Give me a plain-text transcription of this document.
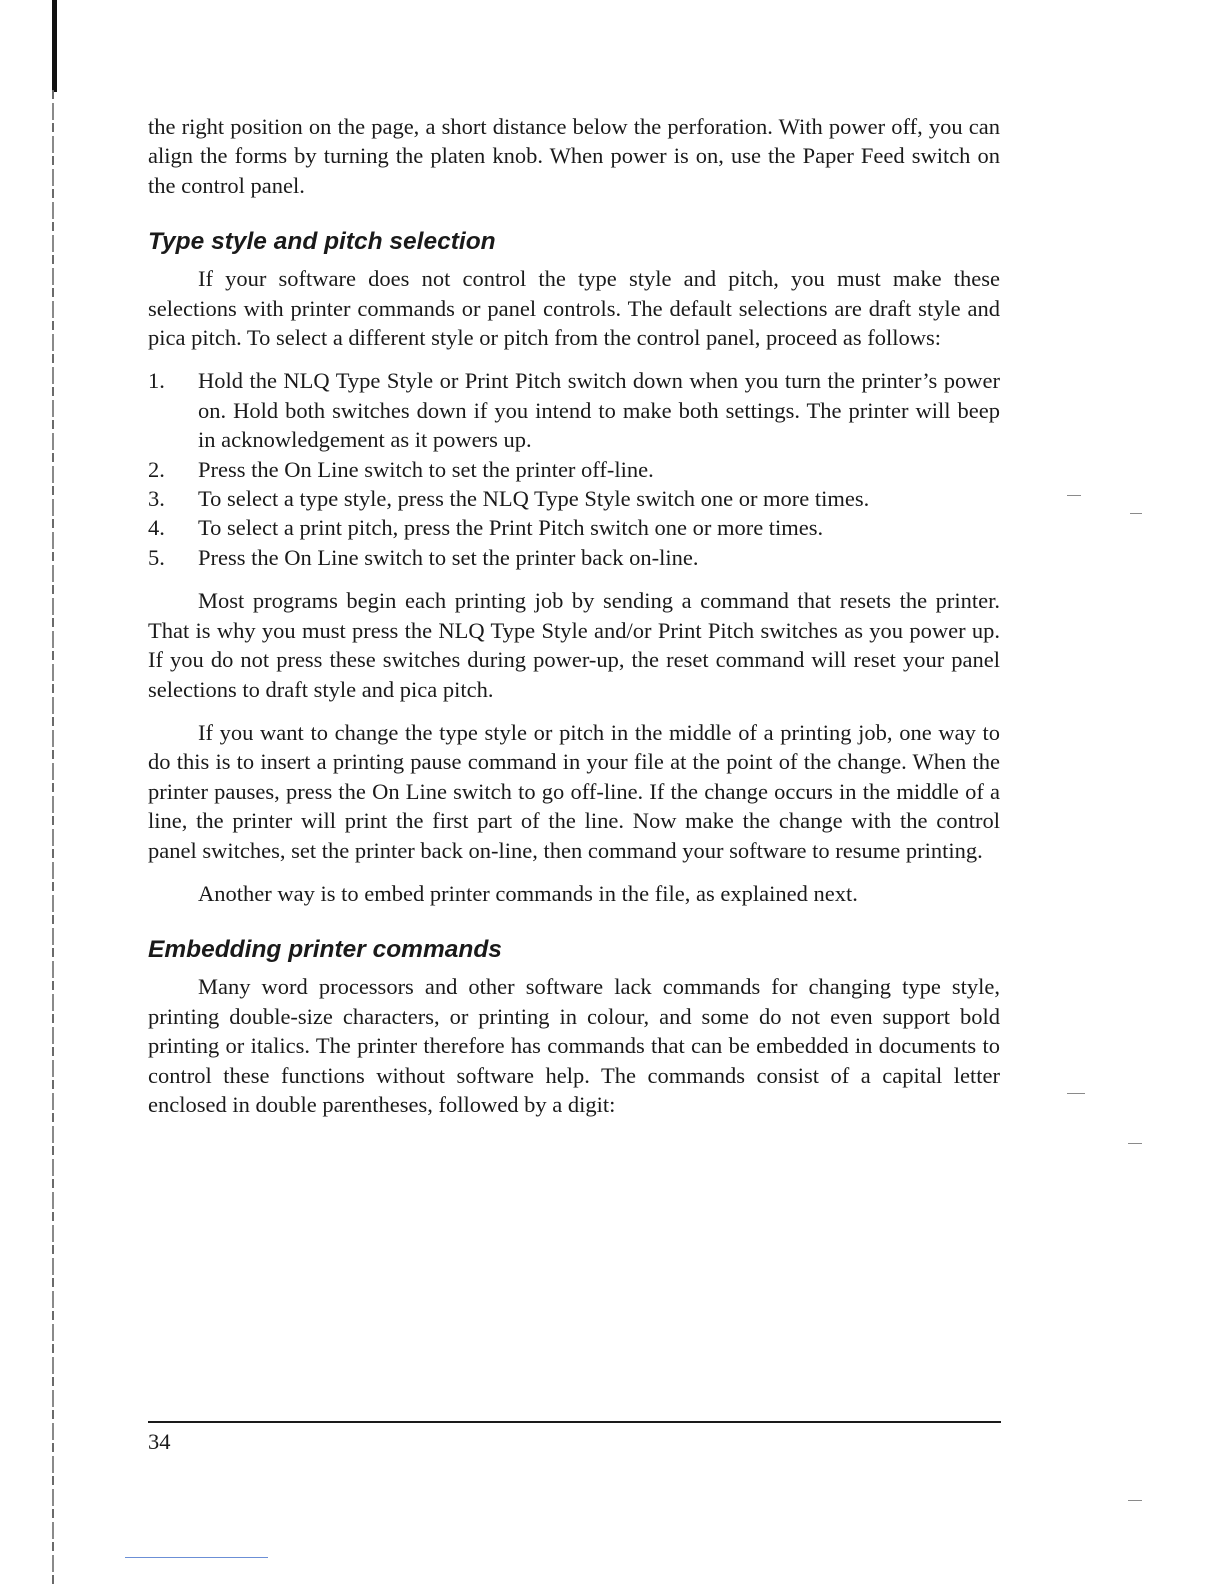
the right position on the page, a short distance below the perforation. With power off, you can align the forms by turning the platen knob. When power is on, use the Paper Feed switch on the control panel.

Type style and pitch selection

If your software does not control the type style and pitch, you must make these selections with printer commands or panel controls. The default selections are draft style and pica pitch. To select a different style or pitch from the control panel, proceed as follows:

1.	Hold the NLQ Type Style or Print Pitch switch down when you turn the printer’s power on. Hold both switches down if you intend to make both settings. The printer will beep in acknowledgement as it powers up.
2.	Press the On Line switch to set the printer off-line.
3.	To select a type style, press the NLQ Type Style switch one or more times.
4.	To select a print pitch, press the Print Pitch switch one or more times.
5.	Press the On Line switch to set the printer back on-line.

Most programs begin each printing job by sending a command that resets the printer. That is why you must press the NLQ Type Style and/or Print Pitch switches as you power up. If you do not press these switches during power-up, the reset command will reset your panel selections to draft style and pica pitch.

If you want to change the type style or pitch in the middle of a printing job, one way to do this is to insert a printing pause command in your file at the point of the change. When the printer pauses, press the On Line switch to go off-line. If the change occurs in the middle of a line, the printer will print the first part of the line. Now make the change with the control panel switches, set the printer back on-line, then command your software to resume printing.

Another way is to embed printer commands in the file, as explained next.

Embedding printer commands

Many word processors and other software lack commands for changing type style, printing double-size characters, or printing in colour, and some do not even support bold printing or italics. The printer therefore has commands that can be embedded in documents to control these functions without software help. The commands consist of a capital letter enclosed in double parentheses, followed by a digit:

34
